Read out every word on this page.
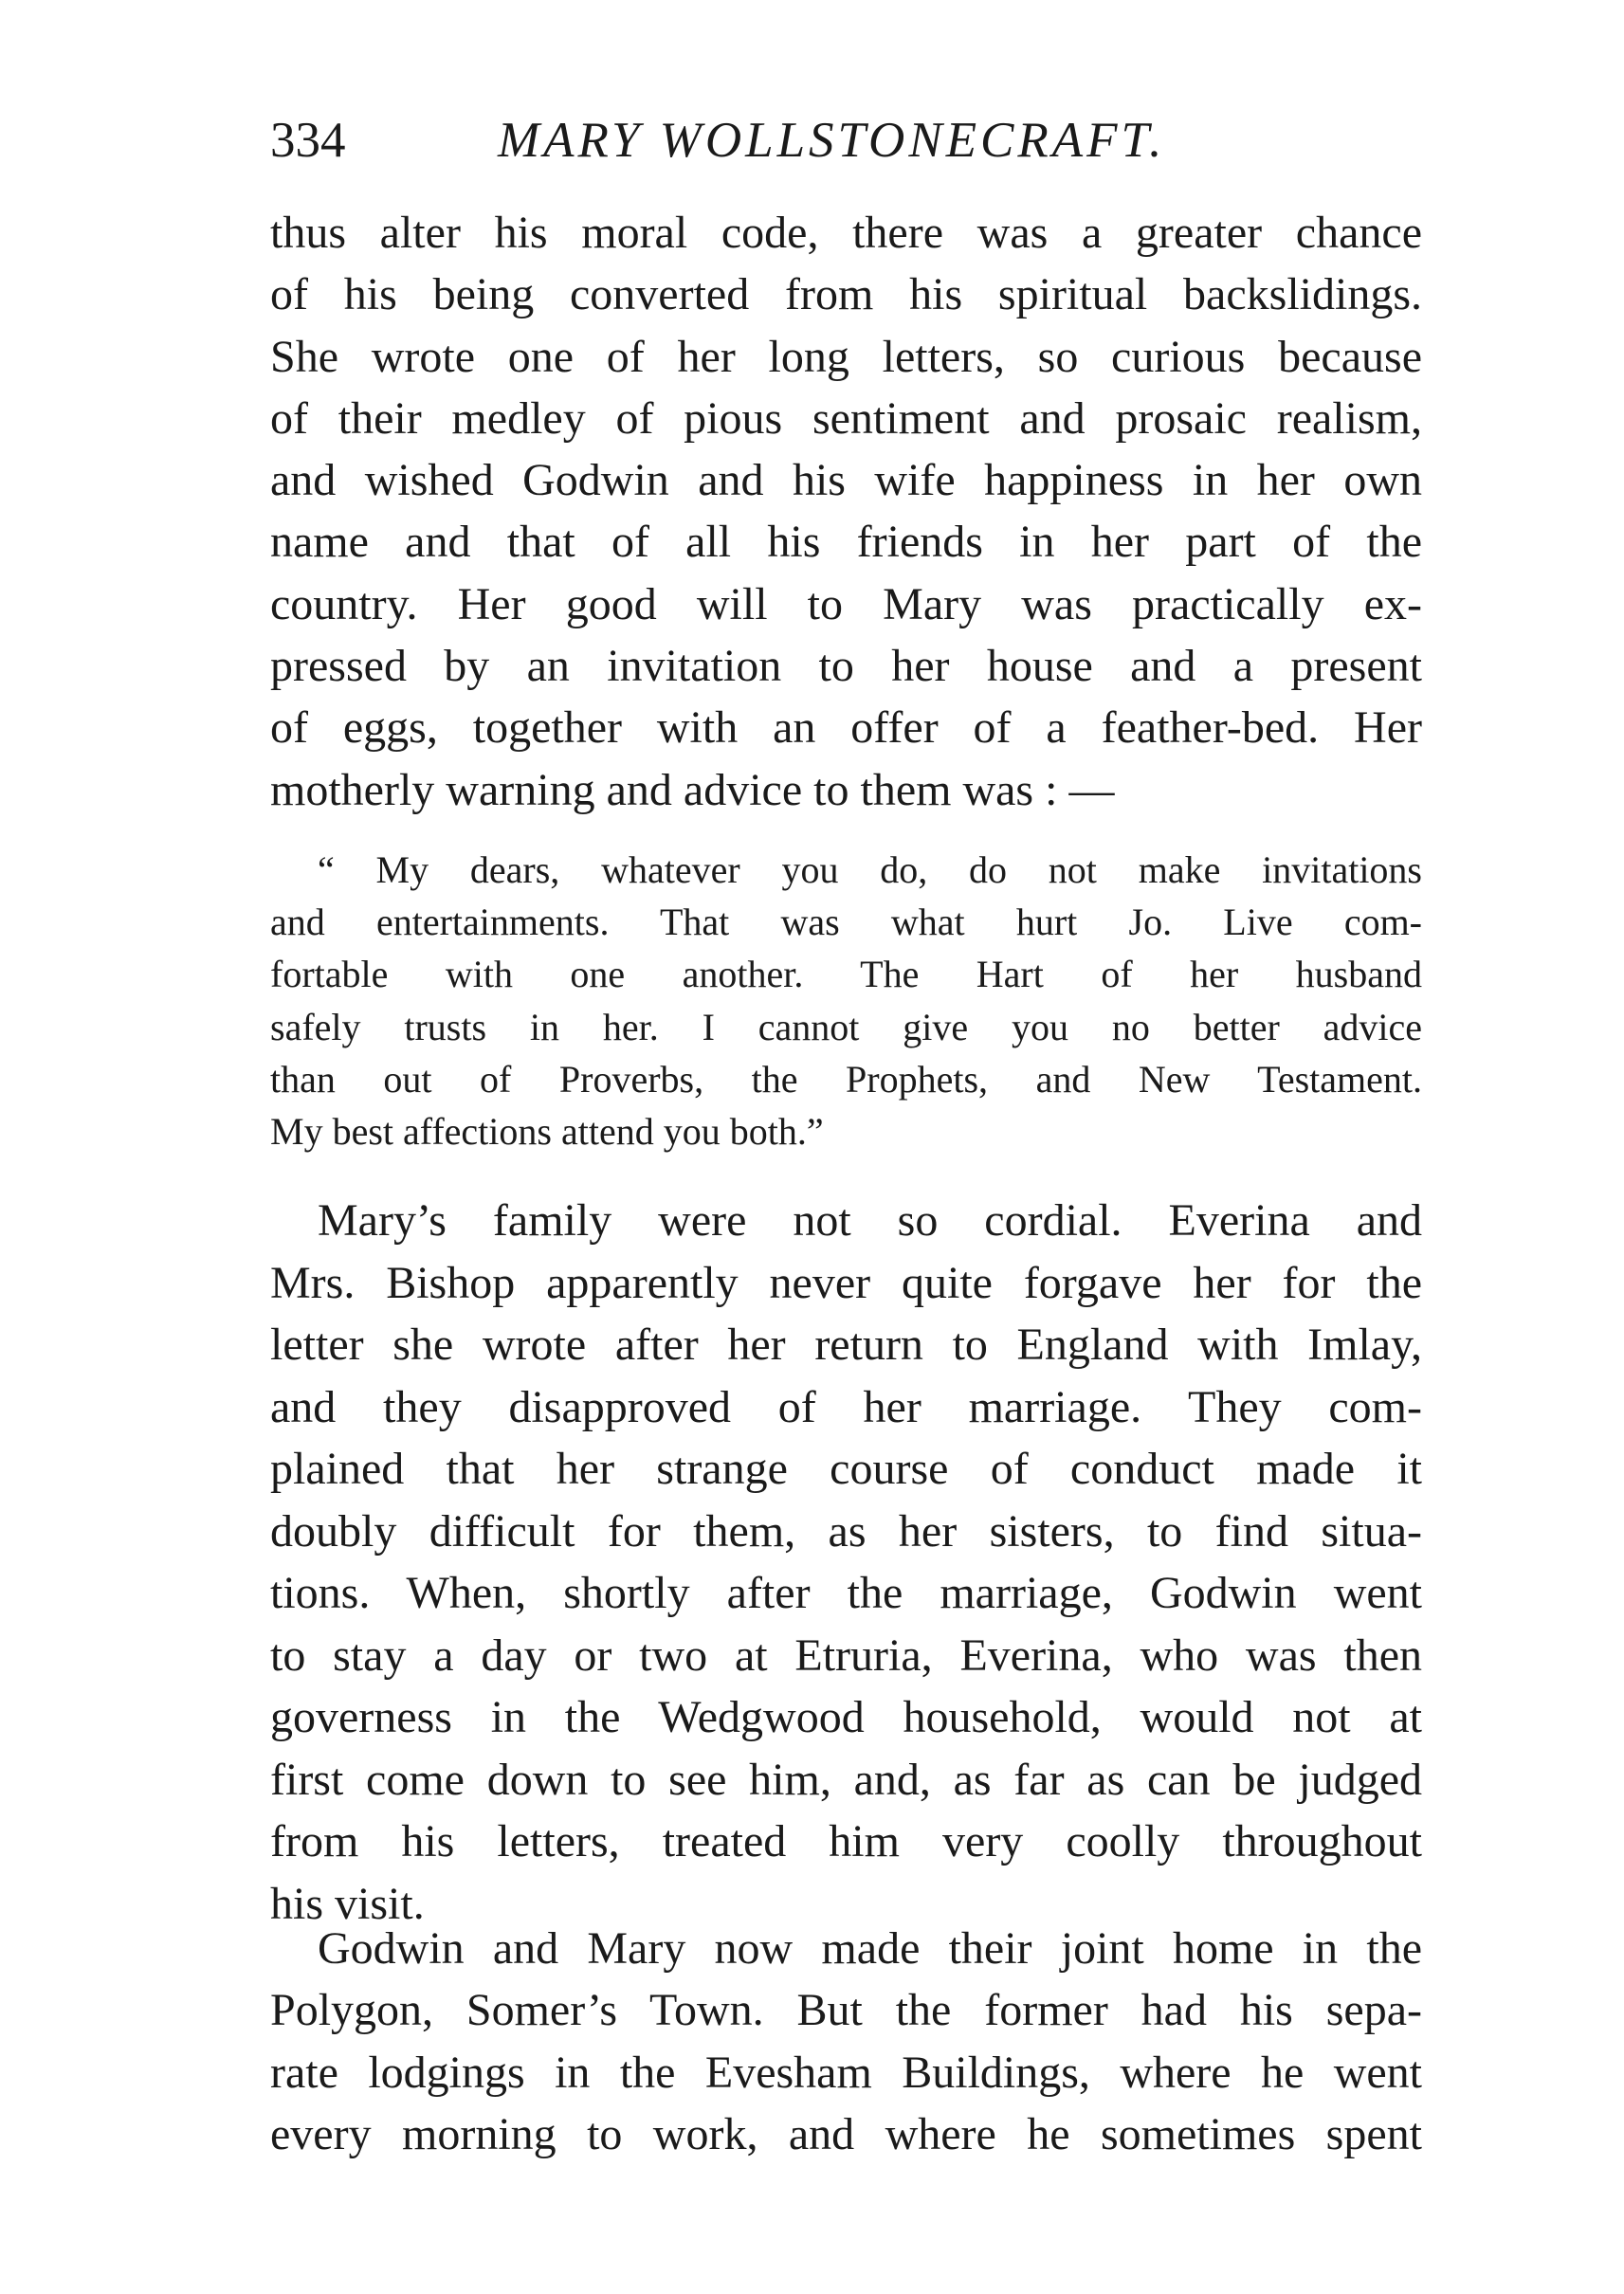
334	MARY WOLLSTONECRAFT.
thus alter his moral code, there was a greater chance
of his being converted from his spiritual backslidings.
She wrote one of her long letters, so curious because
of their medley of pious sentiment and prosaic realism,
and wished Godwin and his wife happiness in her own
name and that of all his friends in her part of the
country. Her good will to Mary was practically ex-
pressed by an invitation to her house and a present
of eggs, together with an offer of a feather-bed. Her
motherly warning and advice to them was : —
“ My dears, whatever you do, do not make invitations
and entertainments. That was what hurt Jo. Live com-
fortable with one another. The Hart of her husband
safely trusts in her. I cannot give you no better advice
than out of Proverbs, the Prophets, and New Testament.
My best affections attend you both.”
Mary’s family were not so cordial. Everina and
Mrs. Bishop apparently never quite forgave her for the
letter she wrote after her return to England with Imlay,
and they disapproved of her marriage. They com-
plained that her strange course of conduct made it
doubly difficult for them, as her sisters, to find situa-
tions. When, shortly after the marriage, Godwin went
to stay a day or two at Etruria, Everina, who was then
governess in the Wedgwood household, would not at
first come down to see him, and, as far as can be judged
from his letters, treated him very coolly throughout
his visit.
Godwin and Mary now made their joint home in the
Polygon, Somer’s Town. But the former had his sepa-
rate lodgings in the Evesham Buildings, where he went
every morning to work, and where he sometimes spent
